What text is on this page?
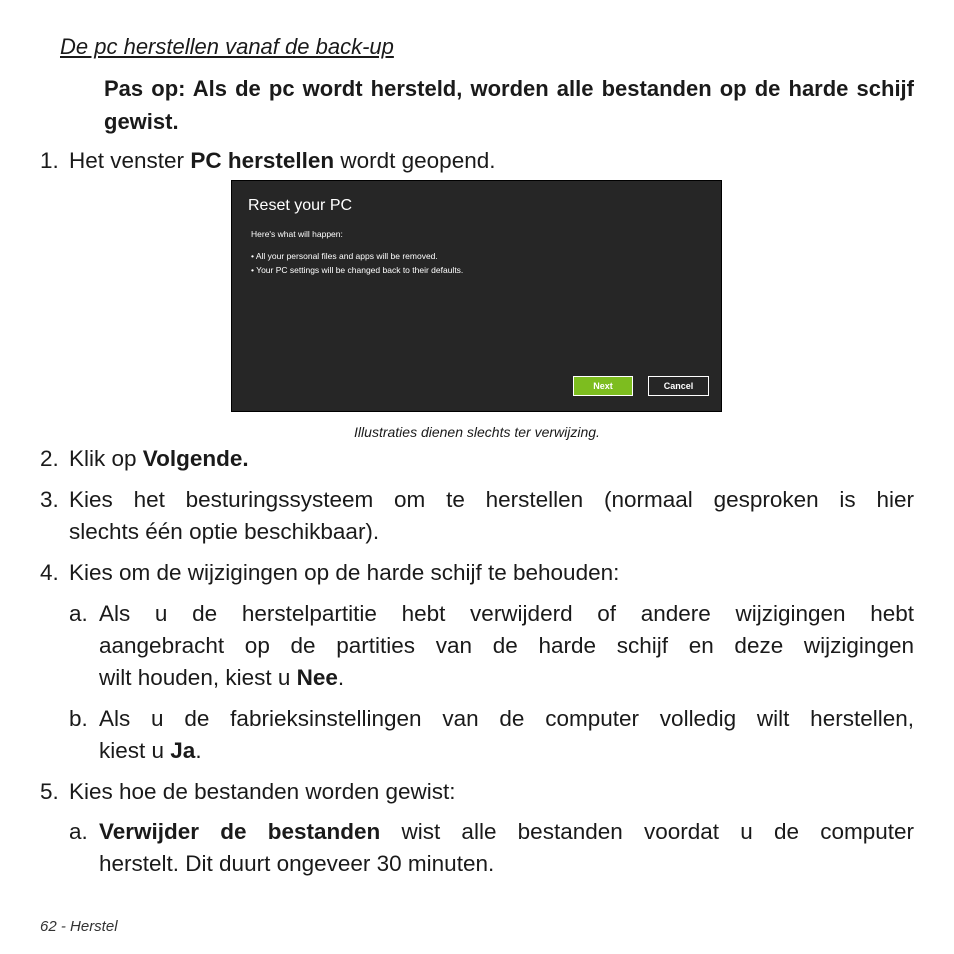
De pc herstellen vanaf de back-up
Pas op: Als de pc wordt hersteld, worden alle bestanden op de harde schijf gewist.
1. Het venster PC herstellen wordt geopend.
Reset your PC
Here's what will happen:
• All your personal files and apps will be removed.
• Your PC settings will be changed back to their defaults.
Next	Cancel
Illustraties dienen slechts ter verwijzing.
2. Klik op Volgende.
3. Kies het besturingssysteem om te herstellen (normaal gesproken is hier
slechts één optie beschikbaar).
4. Kies om de wijzigingen op de harde schijf te behouden:
a. Als u de herstelpartitie hebt verwijderd of andere wijzigingen hebt
aangebracht op de partities van de harde schijf en deze wijzigingen
wilt houden, kiest u Nee.
b. Als u de fabrieksinstellingen van de computer volledig wilt herstellen,
kiest u Ja.
5. Kies hoe de bestanden worden gewist:
a. Verwijder de bestanden wist alle bestanden voordat u de computer
herstelt. Dit duurt ongeveer 30 minuten.
62 - Herstel
